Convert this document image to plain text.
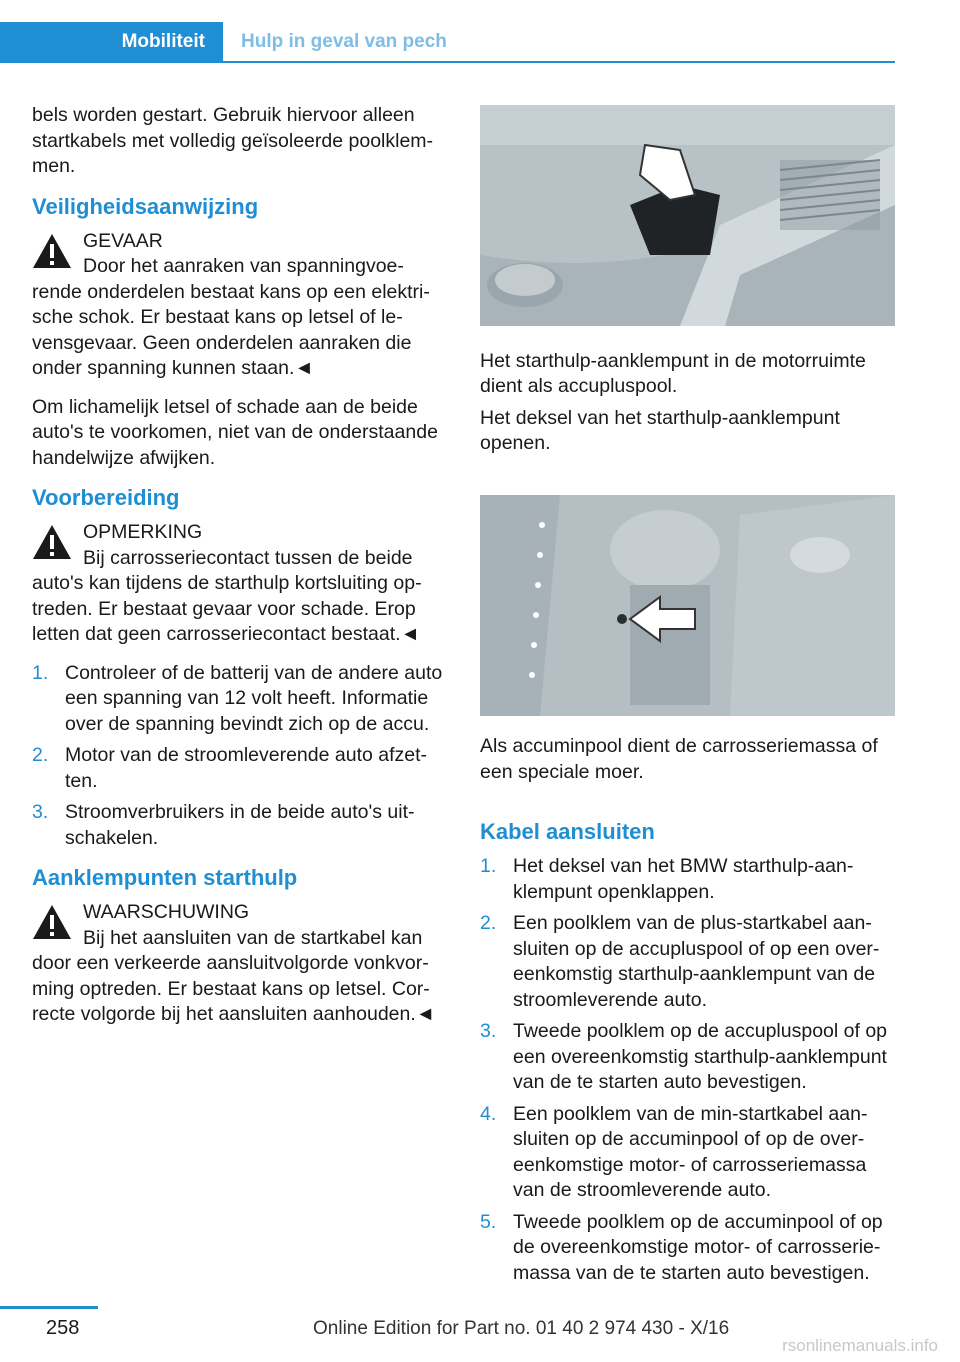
Mobiliteit	Hulp in geval van pech

bels worden gestart. Gebruik hiervoor alleen startkabels met volledig geïsoleerde poolklemmen.

Veiligheidsaanwijzing
GEVAAR
Door het aanraken van spanningvoe-
rende onderdelen bestaat kans op een elektrische schok. Er bestaat kans op letsel of levensgevaar. Geen onderdelen aanraken die onder spanning kunnen staan.◄

Om lichamelijk letsel of schade aan de beide auto's te voorkomen, niet van de onderstaande handelwijze afwijken.

Voorbereiding
OPMERKING
Bij carrosseriecontact tussen de beide
auto's kan tijdens de starthulp kortsluiting optreden. Er bestaat gevaar voor schade. Erop letten dat geen carrosseriecontact bestaat.◄
1. Controleer of de batterij van de andere auto een spanning van 12 volt heeft. Informatie over de spanning bevindt zich op de accu.
2. Motor van de stroomleverende auto afzetten.
3. Stroomverbruikers in de beide auto's uitschakelen.
Aanklempunten starthulp
WAARSCHUWING
Bij het aansluiten van de startkabel kan
door een verkeerde aansluitvolgorde vonkvorming optreden. Er bestaat kans op letsel. Correcte volgorde bij het aansluiten aanhouden.◄

Het starthulp-aanklempunt in de motorruimte dient als accupluspool.

Het deksel van het starthulp-aanklempunt openen.

Als accuminpool dient de carrosseriemassa of een speciale moer.

Kabel aansluiten
1. Het deksel van het BMW starthulp-aanklempunt openklappen.
2. Een poolklem van de plus-startkabel aansluiten op de accupluspool of op een overeenkomstig starthulp-aanklempunt van de stroomleverende auto.
3. Tweede poolklem op de accupluspool of op een overeenkomstig starthulp-aanklempunt van de te starten auto bevestigen.
4. Een poolklem van de min-startkabel aansluiten op de accuminpool of op de overeenkomstige motor- of carrosseriemassa van de stroomleverende auto.
5. Tweede poolklem op de accuminpool of op de overeenkomstige motor- of carrosseriemassa van de te starten auto bevestigen.
258	Online Edition for Part no. 01 40 2 974 430 - X/16
rsonlinemanuals.info
